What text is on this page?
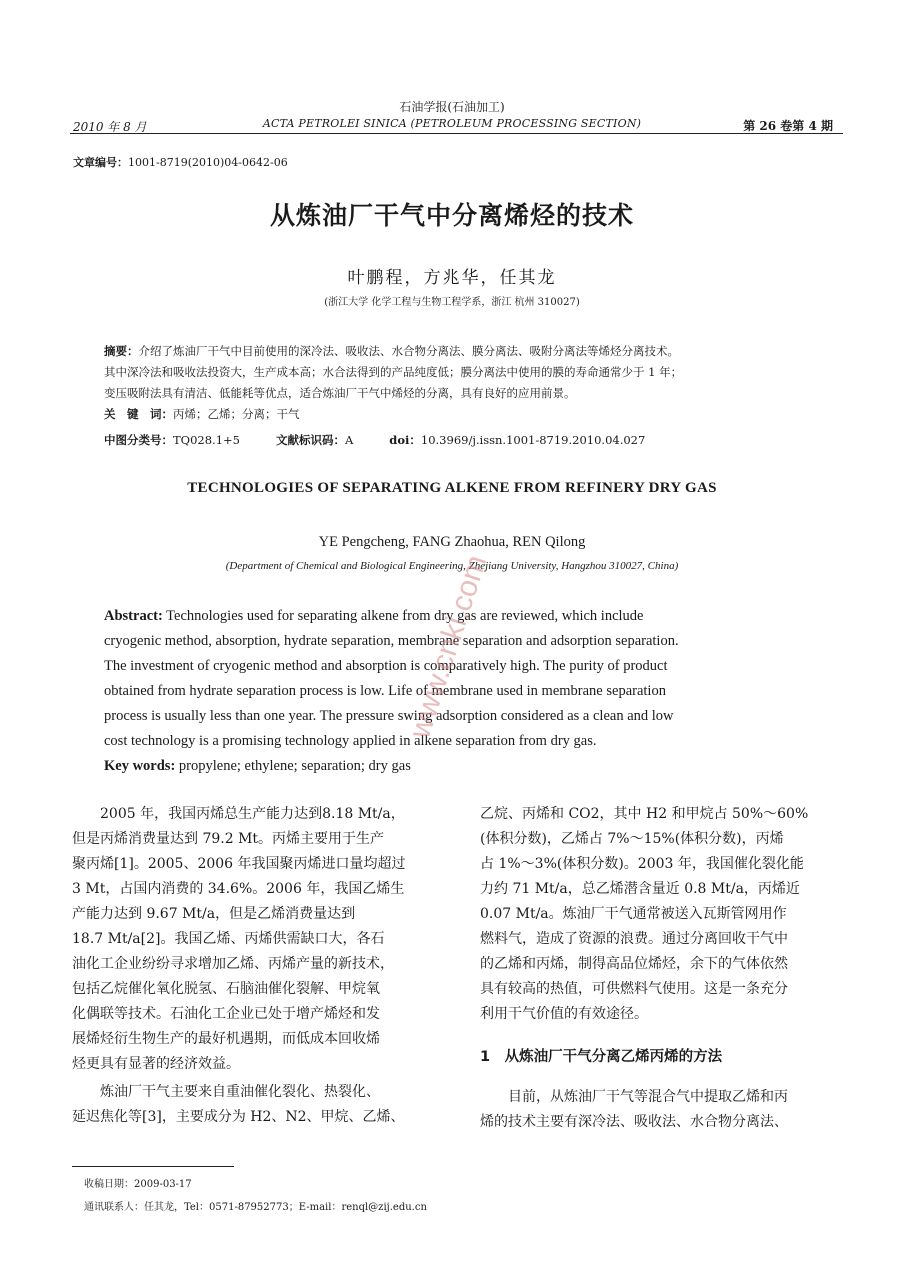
石油学报(石油加工)
2010 年 8 月	ACTA PETROLEI SINICA (PETROLEUM PROCESSING SECTION)	第 26 卷第 4 期
文章编号：1001-8719(2010)04-0642-06
从炼油厂干气中分离烯烃的技术
叶鹏程，方兆华，任其龙
(浙江大学 化学工程与生物工程学系，浙江 杭州 310027)
摘要：介绍了炼油厂干气中目前使用的深冷法、吸收法、水合物分离法、膜分离法、吸附分离法等烯烃分离技术。
其中深冷法和吸收法投资大，生产成本高；水合法得到的产品纯度低；膜分离法中使用的膜的寿命通常少于 1 年；
变压吸附法具有清洁、低能耗等优点，适合炼油厂干气中烯烃的分离，具有良好的应用前景。
关　键　词：丙烯；乙烯；分离；干气
中图分类号：TQ028.1+5	文献标识码：A	doi：10.3969/j.issn.1001-8719.2010.04.027
TECHNOLOGIES OF SEPARATING ALKENE FROM REFINERY DRY GAS
YE Pengcheng, FANG Zhaohua, REN Qilong
(Department of Chemical and Biological Engineering, Zhejiang University, Hangzhou 310027, China)
Abstract: Technologies used for separating alkene from dry gas are reviewed, which include
cryogenic method, absorption, hydrate separation, membrane separation and adsorption separation.
The investment of cryogenic method and absorption is comparatively high. The purity of product
obtained from hydrate separation process is low. Life of membrane used in membrane separation
process is usually less than one year. The pressure swing adsorption considered as a clean and low
cost technology is a promising technology applied in alkene separation from dry gas.
Key words: propylene; ethylene; separation; dry gas
　　2005 年，我国丙烯总生产能力达到8.18 Mt/a，
但是丙烯消费量达到 79.2 Mt。丙烯主要用于生产
聚丙烯[1]。2005、2006 年我国聚丙烯进口量均超过
3 Mt，占国内消费的 34.6%。2006 年，我国乙烯生
产能力达到 9.67 Mt/a，但是乙烯消费量达到
18.7 Mt/a[2]。我国乙烯、丙烯供需缺口大，各石
油化工企业纷纷寻求增加乙烯、丙烯产量的新技术，
包括乙烷催化氧化脱氢、石脑油催化裂解、甲烷氧
化偶联等技术。石油化工企业已处于增产烯烃和发
展烯烃衍生物生产的最好机遇期，而低成本回收烯
烃更具有显著的经济效益。
　　炼油厂干气主要来自重油催化裂化、热裂化、
延迟焦化等[3]，主要成分为 H2、N2、甲烷、乙烯、
乙烷、丙烯和 CO2，其中 H2 和甲烷占 50%～60%
(体积分数)，乙烯占 7%～15%(体积分数)，丙烯
占 1%～3%(体积分数)。2003 年，我国催化裂化能
力约 71 Mt/a，总乙烯潜含量近 0.8 Mt/a，丙烯近
0.07 Mt/a。炼油厂干气通常被送入瓦斯管网用作
燃料气，造成了资源的浪费。通过分离回收干气中
的乙烯和丙烯，制得高品位烯烃，余下的气体依然
具有较高的热值，可供燃料气使用。这是一条充分
利用干气价值的有效途径。
1　从炼油厂干气分离乙烯丙烯的方法
　　目前，从炼油厂干气等混合气中提取乙烯和丙
烯的技术主要有深冷法、吸收法、水合物分离法、
收稿日期：2009-03-17
通讯联系人：任其龙，Tel：0571-87952773；E-mail：renql@zij.edu.cn
www.cnki.com
